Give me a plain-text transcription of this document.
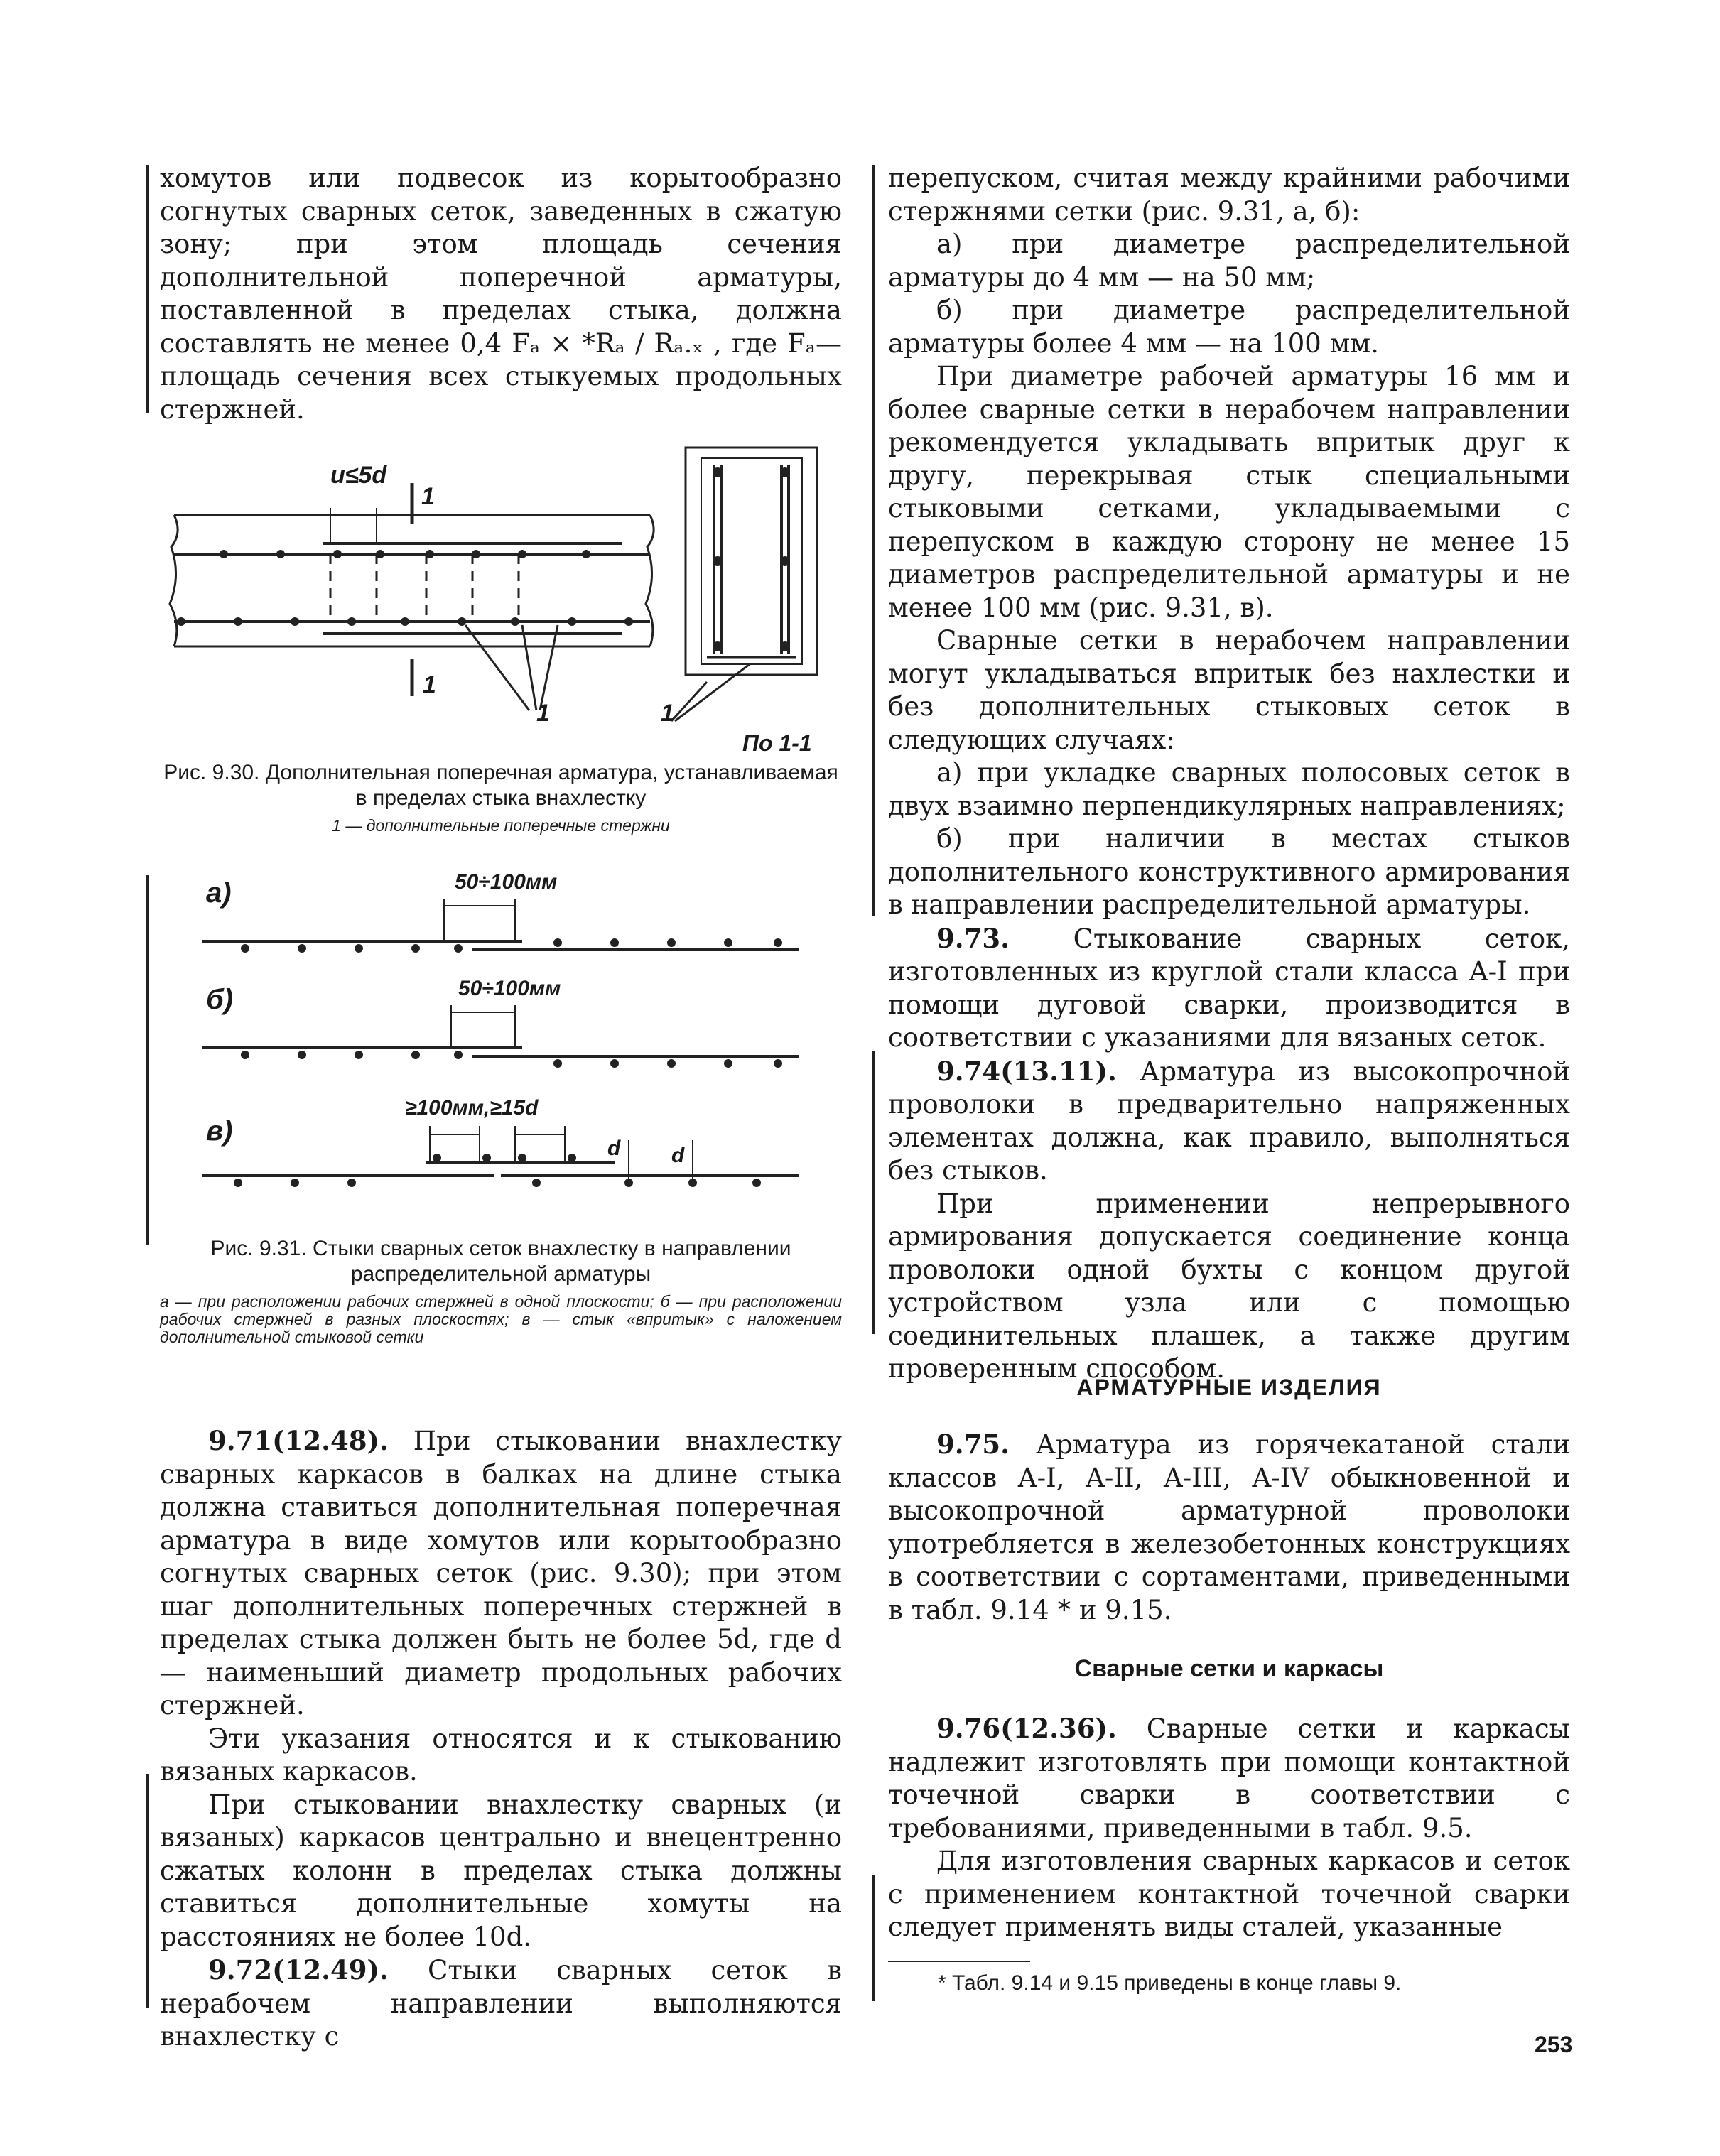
хомутов или подвесок из корытообразно согнутых сварных сеток, заведенных в сжатую зону; при этом площадь сечения дополнительной поперечной арматуры, поставленной в пределах стыка, должна составлять не менее 0,4 Fₐ × *Rₐ / Rₐ.ₓ , где Fₐ—площадь сечения всех стыкуемых продольных стержней.

u≤5d
1
1
1	1
По 1-1
Рис. 9.30. Дополнительная поперечная арматура, устанавливаемая в пределах стыка внахлестку
1 — дополнительные поперечные стержни
а)
б)
в)
50÷100мм
50÷100мм
≥100мм,≥15d
d d
Рис. 9.31. Стыки сварных сеток внахлестку в направлении распределительной арматуры
а — при расположении рабочих стержней в одной плоскости; б — при расположении рабочих стержней в разных плоскостях; в — стык «впритык» с наложением дополнительной стыковой сетки

9.71(12.48). При стыковании внахлестку сварных каркасов в балках на длине стыка должна ставиться дополнительная поперечная арматура в виде хомутов или корытообразно согнутых сварных сеток (рис. 9.30); при этом шаг дополнительных поперечных стержней в пределах стыка должен быть не более 5d, где d — наименьший диаметр продольных рабочих стержней.

Эти указания относятся и к стыкованию вязаных каркасов.

При стыковании внахлестку сварных (и вязаных) каркасов центрально и внецентренно сжатых колонн в пределах стыка должны ставиться дополнительные хомуты на расстояниях не более 10d.

9.72(12.49). Стыки сварных сеток в нерабочем направлении выполняются внахлестку с

перепуском, считая между крайними рабочими стержнями сетки (рис. 9.31, а, б):

а) при диаметре распределительной арматуры до 4 мм — на 50 мм;

б) при диаметре распределительной арматуры более 4 мм — на 100 мм.

При диаметре рабочей арматуры 16 мм и более сварные сетки в нерабочем направлении рекомендуется укладывать впритык друг к другу, перекрывая стык специальными стыковыми сетками, укладываемыми с перепуском в каждую сторону не менее 15 диаметров распределительной арматуры и не менее 100 мм (рис. 9.31, в).

Сварные сетки в нерабочем направлении могут укладываться впритык без нахлестки и без дополнительных стыковых сеток в следующих случаях:

а) при укладке сварных полосовых сеток в двух взаимно перпендикулярных направлениях;

б) при наличии в местах стыков дополнительного конструктивного армирования в направлении распределительной арматуры.

9.73. Стыкование сварных сеток, изготовленных из круглой стали класса A-I при помощи дуговой сварки, производится в соответствии с указаниями для вязаных сеток.

9.74(13.11). Арматура из высокопрочной проволоки в предварительно напряженных элементах должна, как правило, выполняться без стыков.

При применении непрерывного армирования допускается соединение конца проволоки одной бухты с концом другой устройством узла или с помощью соединительных плашек, а также другим проверенным способом.

АРМАТУРНЫЕ ИЗДЕЛИЯ

9.75. Арматура из горячекатаной стали классов A-I, A-II, A-III, A-IV обыкновенной и высокопрочной арматурной проволоки употребляется в железобетонных конструкциях в соответствии с сортаментами, приведенными в табл. 9.14 * и 9.15.

Сварные сетки и каркасы

9.76(12.36). Сварные сетки и каркасы надлежит изготовлять при помощи контактной точечной сварки в соответствии с требованиями, приведенными в табл. 9.5.

Для изготовления сварных каркасов и сеток с применением контактной точечной сварки следует применять виды сталей, указанные

* Табл. 9.14 и 9.15 приведены в конце главы 9.
253
